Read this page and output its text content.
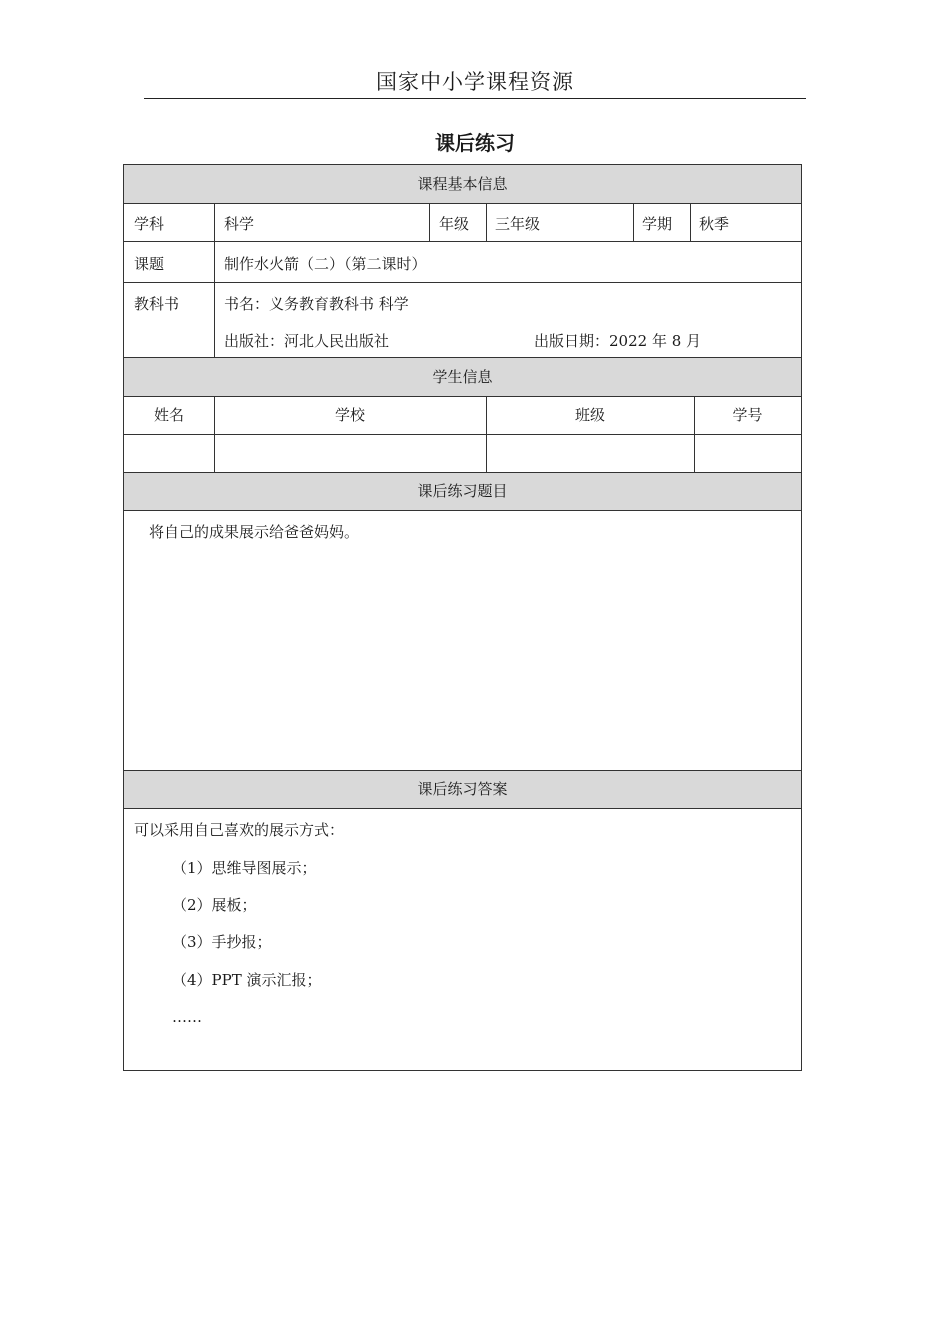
国家中小学课程资源
课后练习
课程基本信息
学生信息
课后练习题目
课后练习答案
学科	科学	年级 三年级	学期 秋季
课题	制作水火箭（二）（第二课时）
教科书	书名：义务教育教科书 科学
出版社：河北人民出版社	出版日期：2022 年 8 月
姓名	学校	班级	学号
将自己的成果展示给爸爸妈妈。
可以采用自己喜欢的展示方式：
（1）思维导图展示；
（2）展板；
（3）手抄报；
（4）PPT 演示汇报；
……
